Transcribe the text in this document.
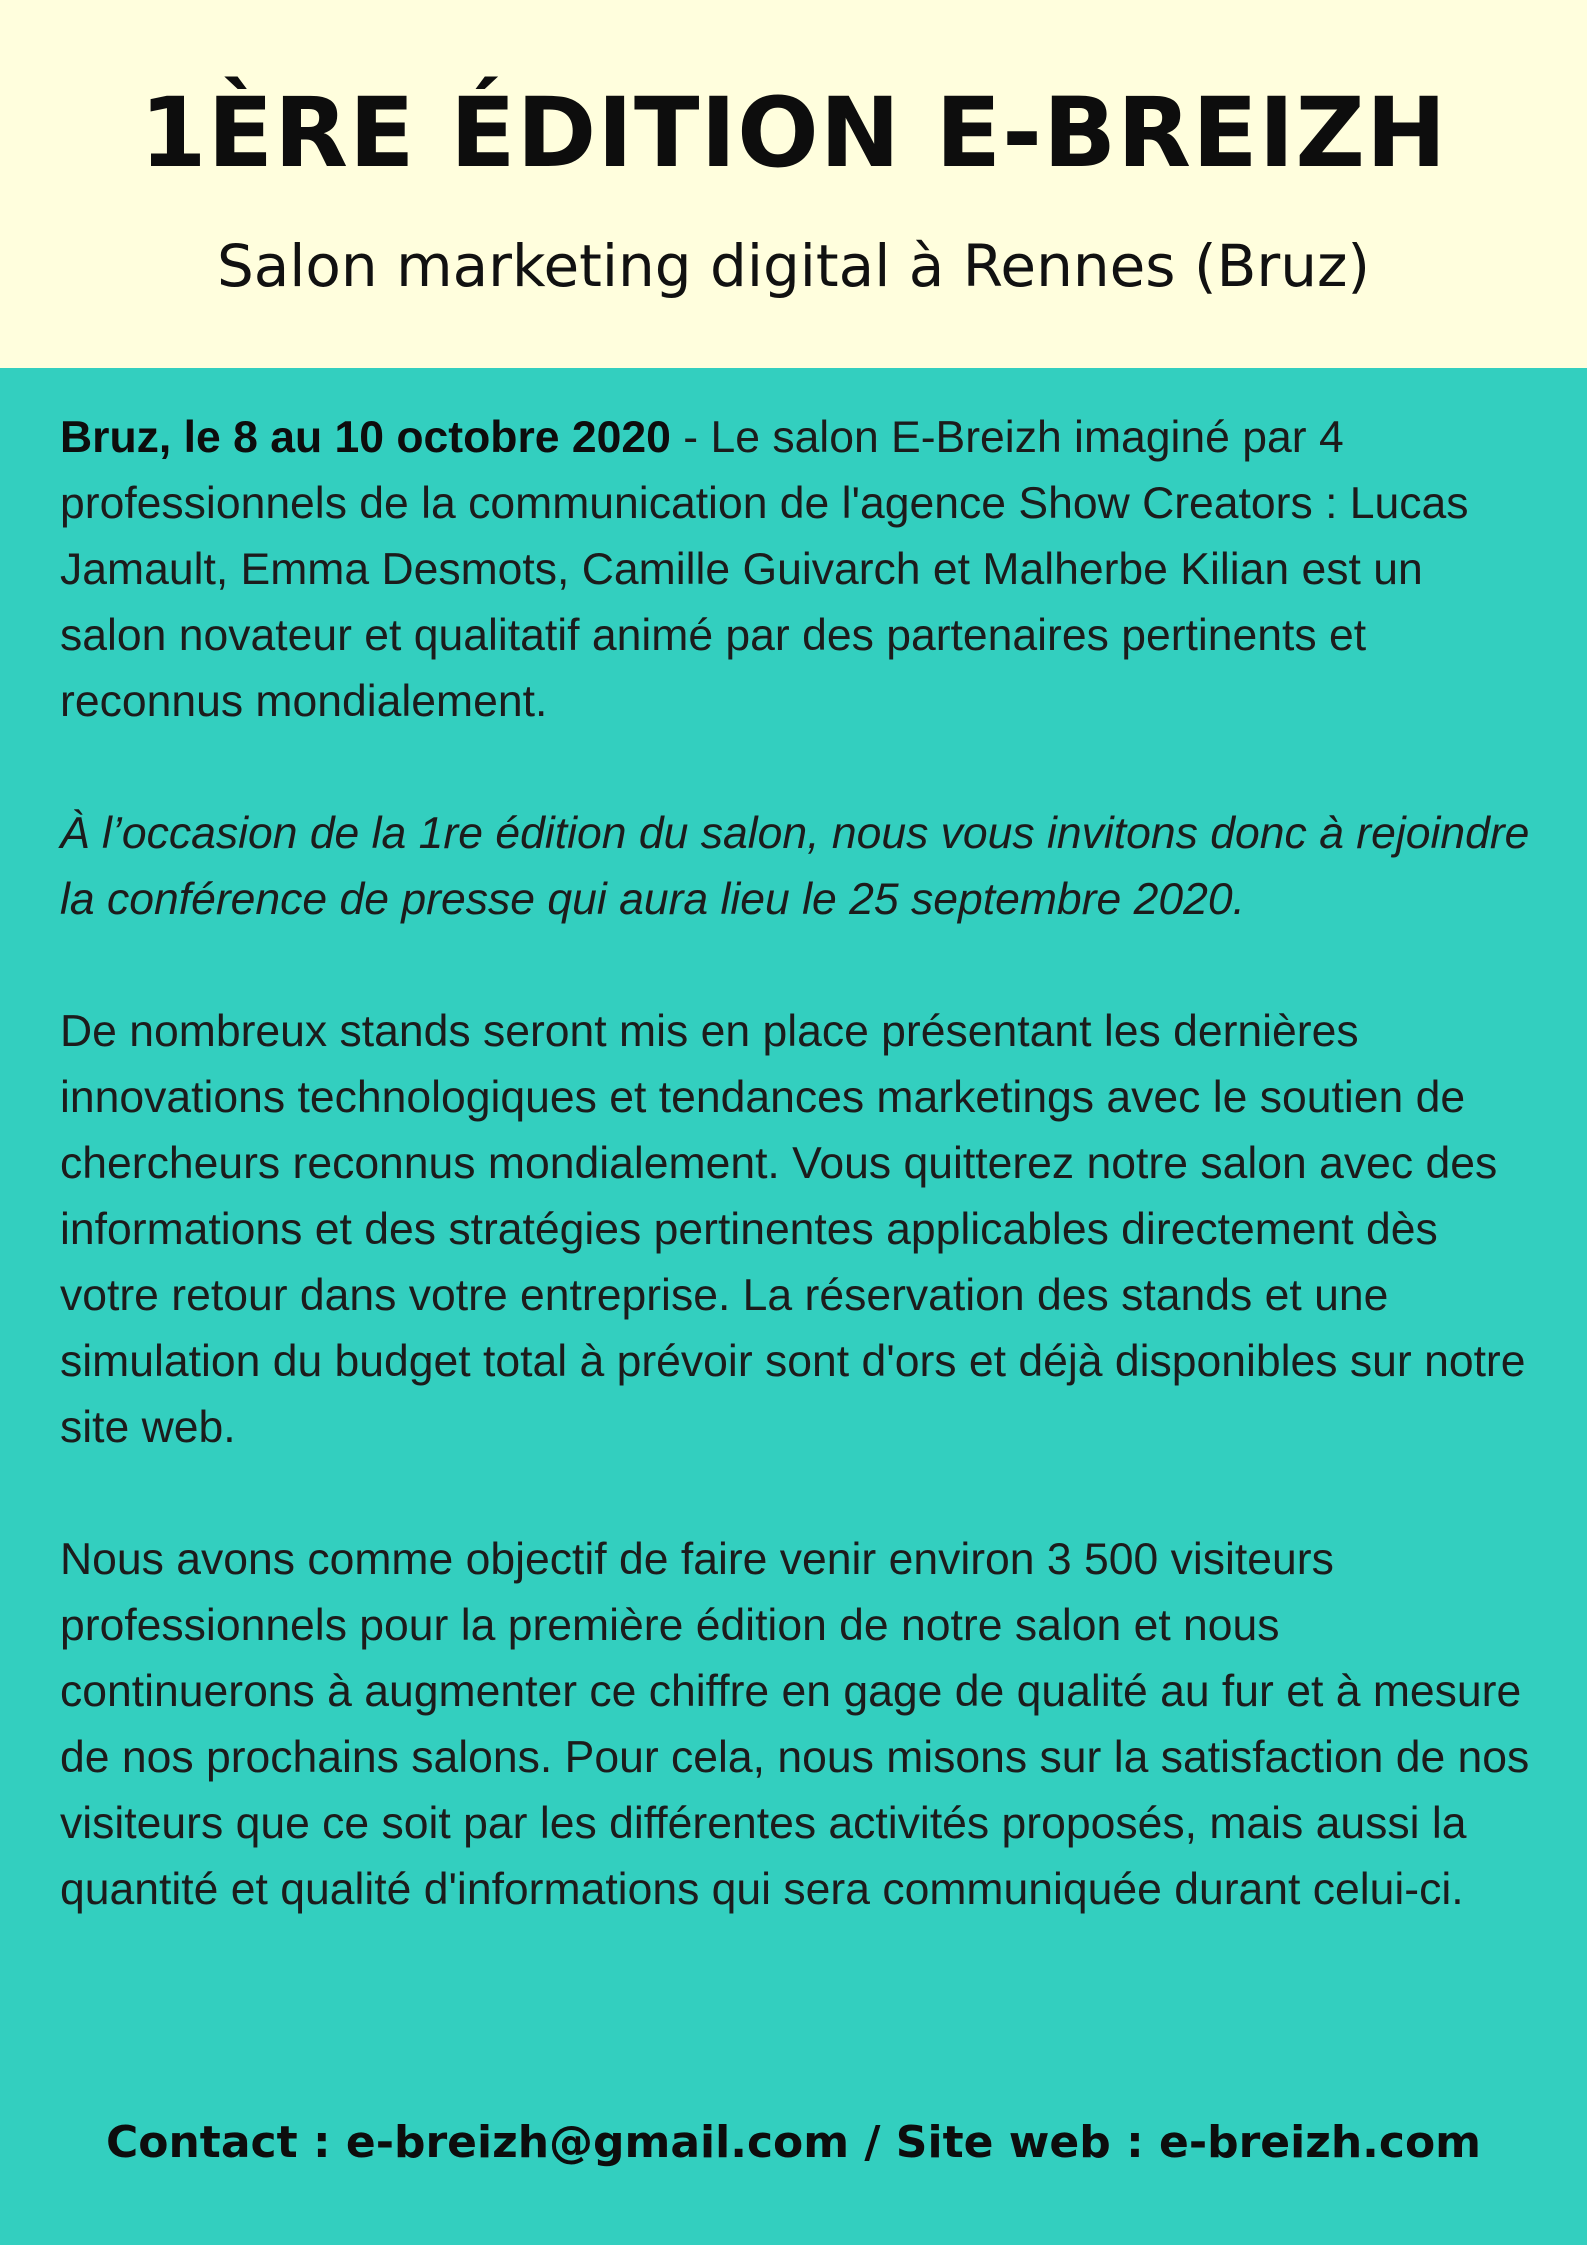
1ÈRE ÉDITION E-BREIZH
Salon marketing digital à Rennes (Bruz)

Bruz, le 8 au 10 octobre 2020 - Le salon E-Breizh imaginé par 4 professionnels de la communication de l'agence Show Creators : Lucas Jamault, Emma Desmots, Camille Guivarch et Malherbe Kilian est un salon novateur et qualitatif animé par des partenaires pertinents et reconnus mondialement.

À l’occasion de la 1re édition du salon, nous vous invitons donc à rejoindre la conférence de presse qui aura lieu le 25 septembre 2020.

De nombreux stands seront mis en place présentant les dernières innovations technologiques et tendances marketings avec le soutien de chercheurs reconnus mondialement. Vous quitterez notre salon avec des informations et des stratégies pertinentes applicables directement dès votre retour dans votre entreprise. La réservation des stands et une simulation du budget total à prévoir sont d'ors et déjà disponibles sur notre site web.

Nous avons comme objectif de faire venir environ 3 500 visiteurs professionnels pour la première édition de notre salon et nous continuerons à augmenter ce chiffre en gage de qualité au fur et à mesure de nos prochains salons. Pour cela, nous misons sur la satisfaction de nos visiteurs que ce soit par les différentes activités proposés, mais aussi la quantité et qualité d'informations qui sera communiquée durant celui-ci.

Contact : e-breizh@gmail.com / Site web : e-breizh.com
